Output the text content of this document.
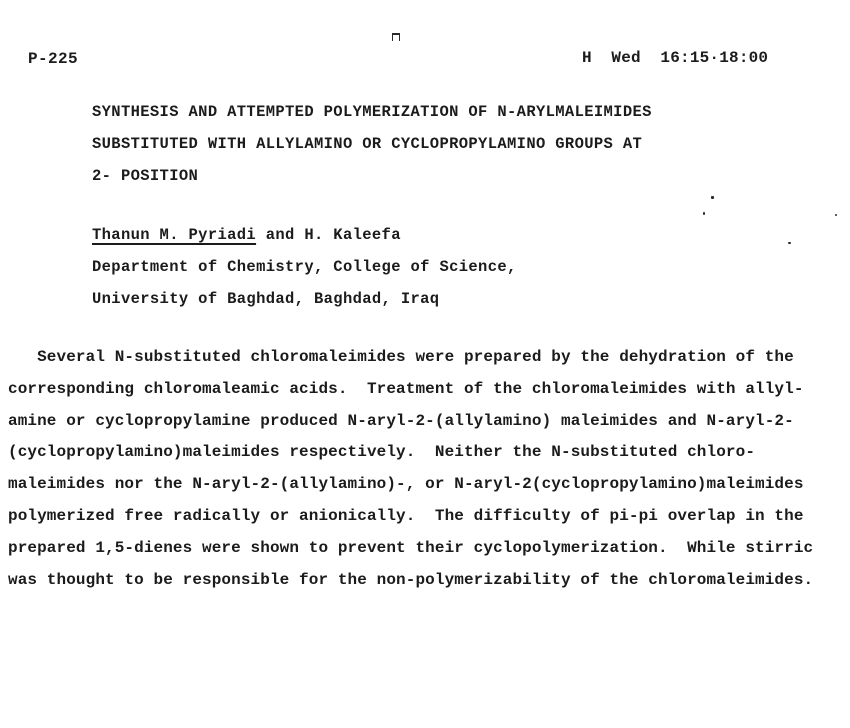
P-225	H  Wed  16:15·18:00
SYNTHESIS AND ATTEMPTED POLYMERIZATION OF N-ARYLMALEIMIDES
SUBSTITUTED WITH ALLYLAMINO OR CYCLOPROPYLAMINO GROUPS AT
2- POSITION
Thanun M. Pyriadi and H. Kaleefa
Department of Chemistry, College of Science,
University of Baghdad, Baghdad, Iraq
Several N-substituted chloromaleimides were prepared by the dehydration of the
corresponding chloromaleamic acids.  Treatment of the chloromaleimides with allyl-
amine or cyclopropylamine produced N-aryl-2-(allylamino) maleimides and N-aryl-2-
(cyclopropylamino)maleimides respectively.  Neither the N-substituted chloro-
maleimides nor the N-aryl-2-(allylamino)-, or N-aryl-2(cyclopropylamino)maleimides
polymerized free radically or anionically.  The difficulty of pi-pi overlap in the
prepared 1,5-dienes were shown to prevent their cyclopolymerization.  While stirric
was thought to be responsible for the non-polymerizability of the chloromaleimides.
